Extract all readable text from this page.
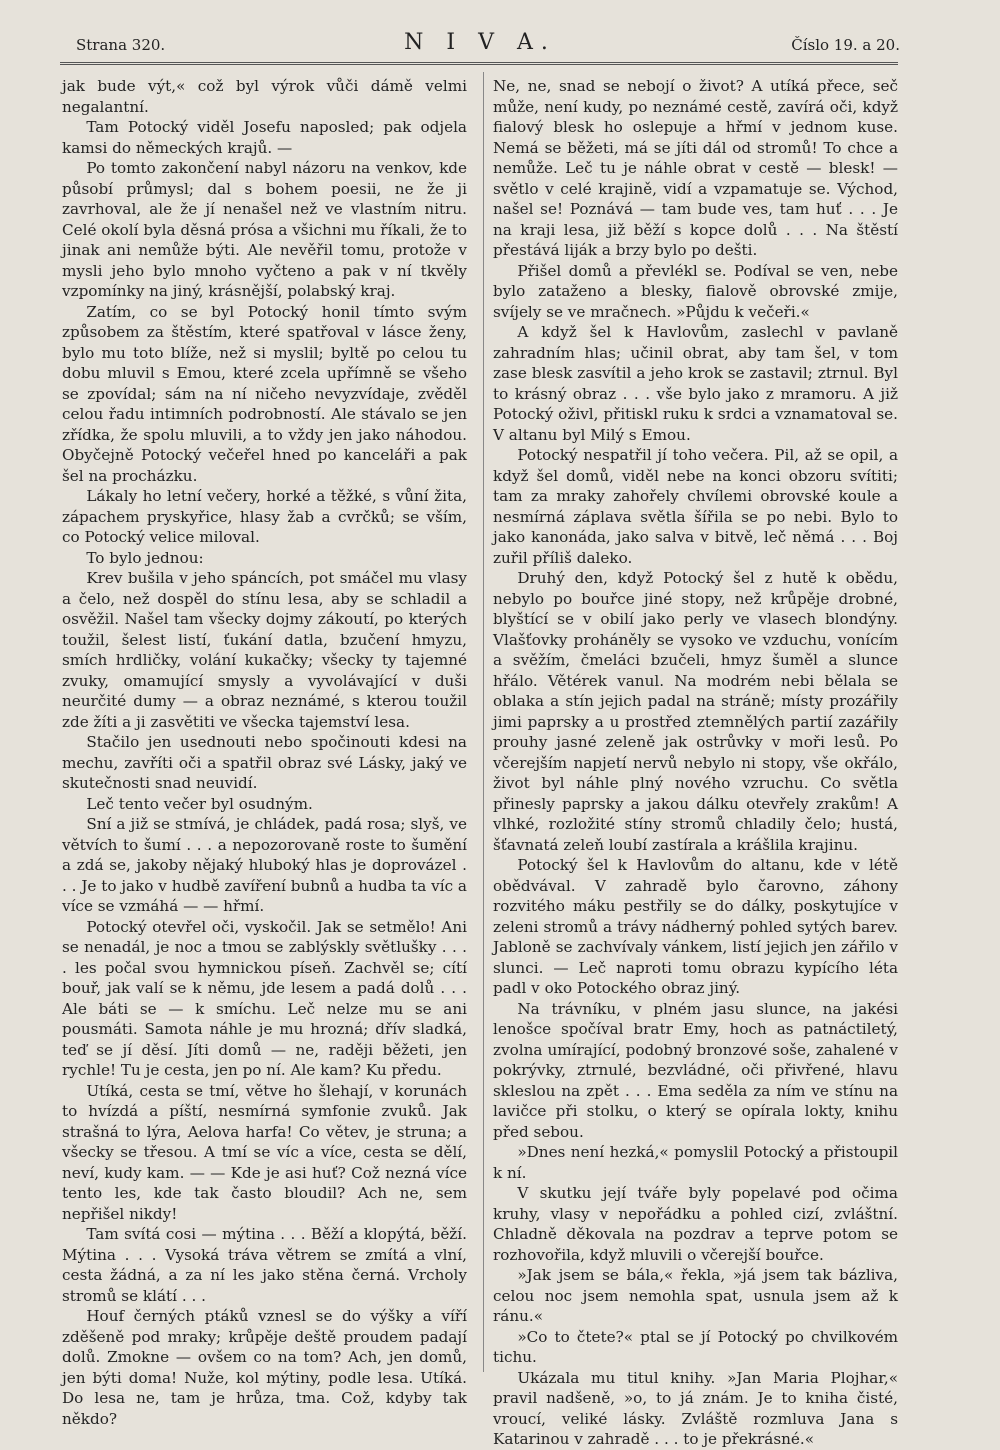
Strana 320.	N I V A.	Číslo 19. a 20.

jak bude výt,« což byl výrok vůči dámě velmi negalantní.

Tam Potocký viděl Josefu naposled; pak odjela kamsi do německých krajů. —

Po tomto zakončení nabyl názoru na venkov, kde působí průmysl; dal s bohem poesii, ne že ji zavrhoval, ale že jí nenašel než ve vlastním nitru. Celé okolí byla děsná prósa a všichni mu říkali, že to jinak ani nemůže býti. Ale nevěřil tomu, protože v mysli jeho bylo mnoho vyčteno a pak v ní tkvěly vzpomínky na jiný, krásnější, polabský kraj.

Zatím, co se byl Potocký honil tímto svým způsobem za štěstím, které spatřoval v lásce ženy, bylo mu toto blíže, než si myslil; byltě po celou tu dobu mluvil s Emou, které zcela upřímně se všeho se zpovídal; sám na ní ničeho nevyzvídaje, zvěděl celou řadu intimních podrobností. Ale stávalo se jen zřídka, že spolu mluvili, a to vždy jen jako náhodou. Obyčejně Potocký večeřel hned po kanceláři a pak šel na procházku.

Lákaly ho letní večery, horké a těžké, s vůní žita, zápachem pryskyřice, hlasy žab a cvrčků; se vším, co Potocký velice miloval.

To bylo jednou:

Krev bušila v jeho spáncích, pot smáčel mu vlasy a čelo, než dospěl do stínu lesa, aby se schladil a osvěžil. Našel tam všecky dojmy zákoutí, po kterých toužil, šelest listí, ťukání datla, bzučení hmyzu, smích hrdličky, volání kukačky; všecky ty tajemné zvuky, omamující smysly a vyvolávající v duši neurčité dumy — a obraz neznámé, s kterou toužil zde žíti a ji zasvětiti ve všecka tajemství lesa.

Stačilo jen usednouti nebo spočinouti kdesi na mechu, zavříti oči a spatřil obraz své Lásky, jaký ve skutečnosti snad neuvidí.

Leč tento večer byl osudným.

Sní a již se stmívá, je chládek, padá rosa; slyš, ve větvích to šumí . . . a nepozorovaně roste to šumění a zdá se, jakoby nějaký hluboký hlas je doprovázel . . . Je to jako v hudbě zavíření bubnů a hudba ta víc a více se vzmáhá — — hřmí.

Potocký otevřel oči, vyskočil. Jak se setmělo! Ani se nenadál, je noc a tmou se zablýskly světlušky . . . . les počal svou hymnickou píseň. Zachvěl se; cítí bouř, jak valí se k němu, jde lesem a padá dolů . . . Ale báti se — k smíchu. Leč nelze mu se ani pousmáti. Samota náhle je mu hrozná; dřív sladká, teď se jí děsí. Jíti domů — ne, raději běžeti, jen rychle! Tu je cesta, jen po ní. Ale kam? Ku předu.

Utíká, cesta se tmí, větve ho šlehají, v korunách to hvízdá a píští, nesmírná symfonie zvuků. Jak strašná to lýra, Aelova harfa! Co větev, je struna; a všecky se třesou. A tmí se víc a více, cesta se dělí, neví, kudy kam. — — Kde je asi huť? Což nezná více tento les, kde tak často bloudil? Ach ne, sem nepřišel nikdy!

Tam svítá cosi — mýtina . . . Běží a klopýtá, běží. Mýtina . . . Vysoká tráva větrem se zmítá a vlní, cesta žádná, a za ní les jako stěna černá. Vrcholy stromů se klátí . . .

Houf černých ptáků vznesl se do výšky a víří zděšeně pod mraky; krůpěje deště proudem padají dolů. Zmokne — ovšem co na tom? Ach, jen domů, jen býti doma! Nuže, kol mýtiny, podle lesa. Utíká. Do lesa ne, tam je hrůza, tma. Což, kdyby tak někdo?

Ne, ne, snad se nebojí o život? A utíká přece, seč může, není kudy, po neznámé cestě, zavírá oči, když fialový blesk ho oslepuje a hřmí v jednom kuse. Nemá se běžeti, má se jíti dál od stromů! To chce a nemůže. Leč tu je náhle obrat v cestě — blesk! — světlo v celé krajině, vidí a vzpamatuje se. Východ, našel se! Poznává — tam bude ves, tam huť . . . Je na kraji lesa, již běží s kopce dolů . . . Na štěstí přestává liják a brzy bylo po dešti.

Přišel domů a převlékl se. Podíval se ven, nebe bylo zataženo a blesky, fialově obrovské zmije, svíjely se ve mračnech. »Půjdu k večeři.«

A když šel k Havlovům, zaslechl v pavlaně zahradním hlas; učinil obrat, aby tam šel, v tom zase blesk zasvítil a jeho krok se zastavil; ztrnul. Byl to krásný obraz . . . vše bylo jako z mramoru. A již Potocký oživl, přitiskl ruku k srdci a vznamatoval se. V altanu byl Milý s Emou.

Potocký nespatřil jí toho večera. Pil, až se opil, a když šel domů, viděl nebe na konci obzoru svítiti; tam za mraky zahořely chvílemi obrovské koule a nesmírná záplava světla šířila se po nebi. Bylo to jako kanonáda, jako salva v bitvě, leč němá . . . Boj zuřil příliš daleko.

Druhý den, když Potocký šel z hutě k obědu, nebylo po bouřce jiné stopy, než krůpěje drobné, blyštící se v obilí jako perly ve vlasech blondýny. Vlašťovky proháněly se vysoko ve vzduchu, vonícím a svěžím, čmeláci bzučeli, hmyz šuměl a slunce hřálo. Větérek vanul. Na modrém nebi bělala se oblaka a stín jejich padal na stráně; místy prozářily jimi paprsky a u prostřed ztemnělých partií zazářily prouhy jasné zeleně jak ostrůvky v moři lesů. Po včerejším napjetí nervů nebylo ni stopy, vše okřálo, život byl náhle plný nového vzruchu. Co světla přinesly paprsky a jakou dálku otevřely zrakům! A vlhké, rozložité stíny stromů chladily čelo; hustá, šťavnatá zeleň loubí zastírala a krášlila krajinu.

Potocký šel k Havlovům do altanu, kde v létě obědvával. V zahradě bylo čarovno, záhony rozvitého máku pestřily se do dálky, poskytujíce v zeleni stromů a trávy nádherný pohled sytých barev. Jabloně se zachvívaly vánkem, listí jejich jen zářilo v slunci. — Leč naproti tomu obrazu kypícího léta padl v oko Potockého obraz jiný.

Na trávníku, v plném jasu slunce, na jakési lenošce spočíval bratr Emy, hoch as patnáctiletý, zvolna umírající, podobný bronzové soše, zahalené v pokrývky, ztrnulé, bezvládné, oči přivřené, hlavu skleslou na zpět . . . Ema seděla za ním ve stínu na lavičce při stolku, o který se opírala lokty, knihu před sebou.

»Dnes není hezká,« pomyslil Potocký a přistoupil k ní.

V skutku její tváře byly popelavé pod očima kruhy, vlasy v nepořádku a pohled cizí, zvláštní. Chladně děkovala na pozdrav a teprve potom se rozhovořila, když mluvili o včerejší bouřce.

»Jak jsem se bála,« řekla, »já jsem tak bázliva, celou noc jsem nemohla spat, usnula jsem až k ránu.«

»Co to čtete?« ptal se jí Potocký po chvilkovém tichu.

Ukázala mu titul knihy. »Jan Maria Plojhar,« pravil nadšeně, »o, to já znám. Je to kniha čisté, vroucí, veliké lásky. Zvláště rozmluva Jana s Katarinou v zahradě . . . to je překrásné.«
